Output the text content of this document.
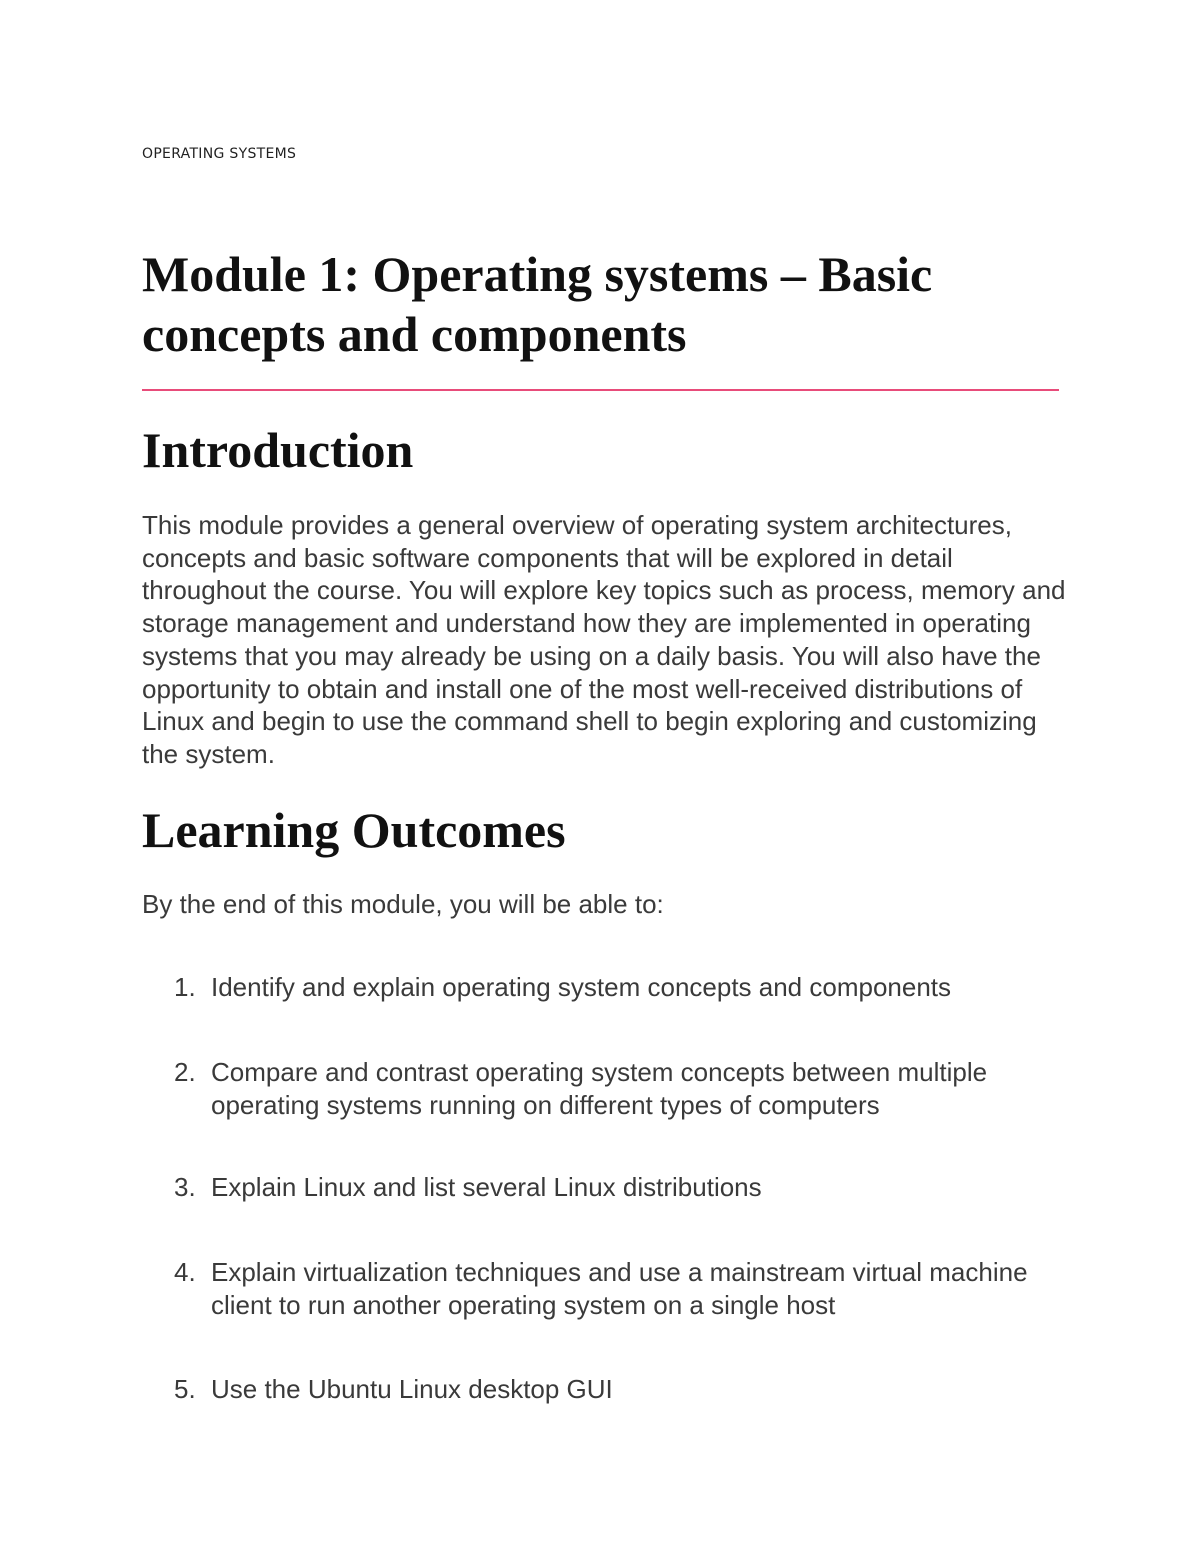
OPERATING SYSTEMS
Module 1: Operating systems – Basic concepts and components
Introduction

This module provides a general overview of operating system architectures, concepts and basic software components that will be explored in detail throughout the course. You will explore key topics such as process, memory and storage management and understand how they are implemented in operating systems that you may already be using on a daily basis. You will also have the opportunity to obtain and install one of the most well-received distributions of Linux and begin to use the command shell to begin exploring and customizing the system.

Learning Outcomes

By the end of this module, you will be able to:

1. Identify and explain operating system concepts and components
2. Compare and contrast operating system concepts between multiple operating systems running on different types of computers
3. Explain Linux and list several Linux distributions
4. Explain virtualization techniques and use a mainstream virtual machine client to run another operating system on a single host
5. Use the Ubuntu Linux desktop GUI
